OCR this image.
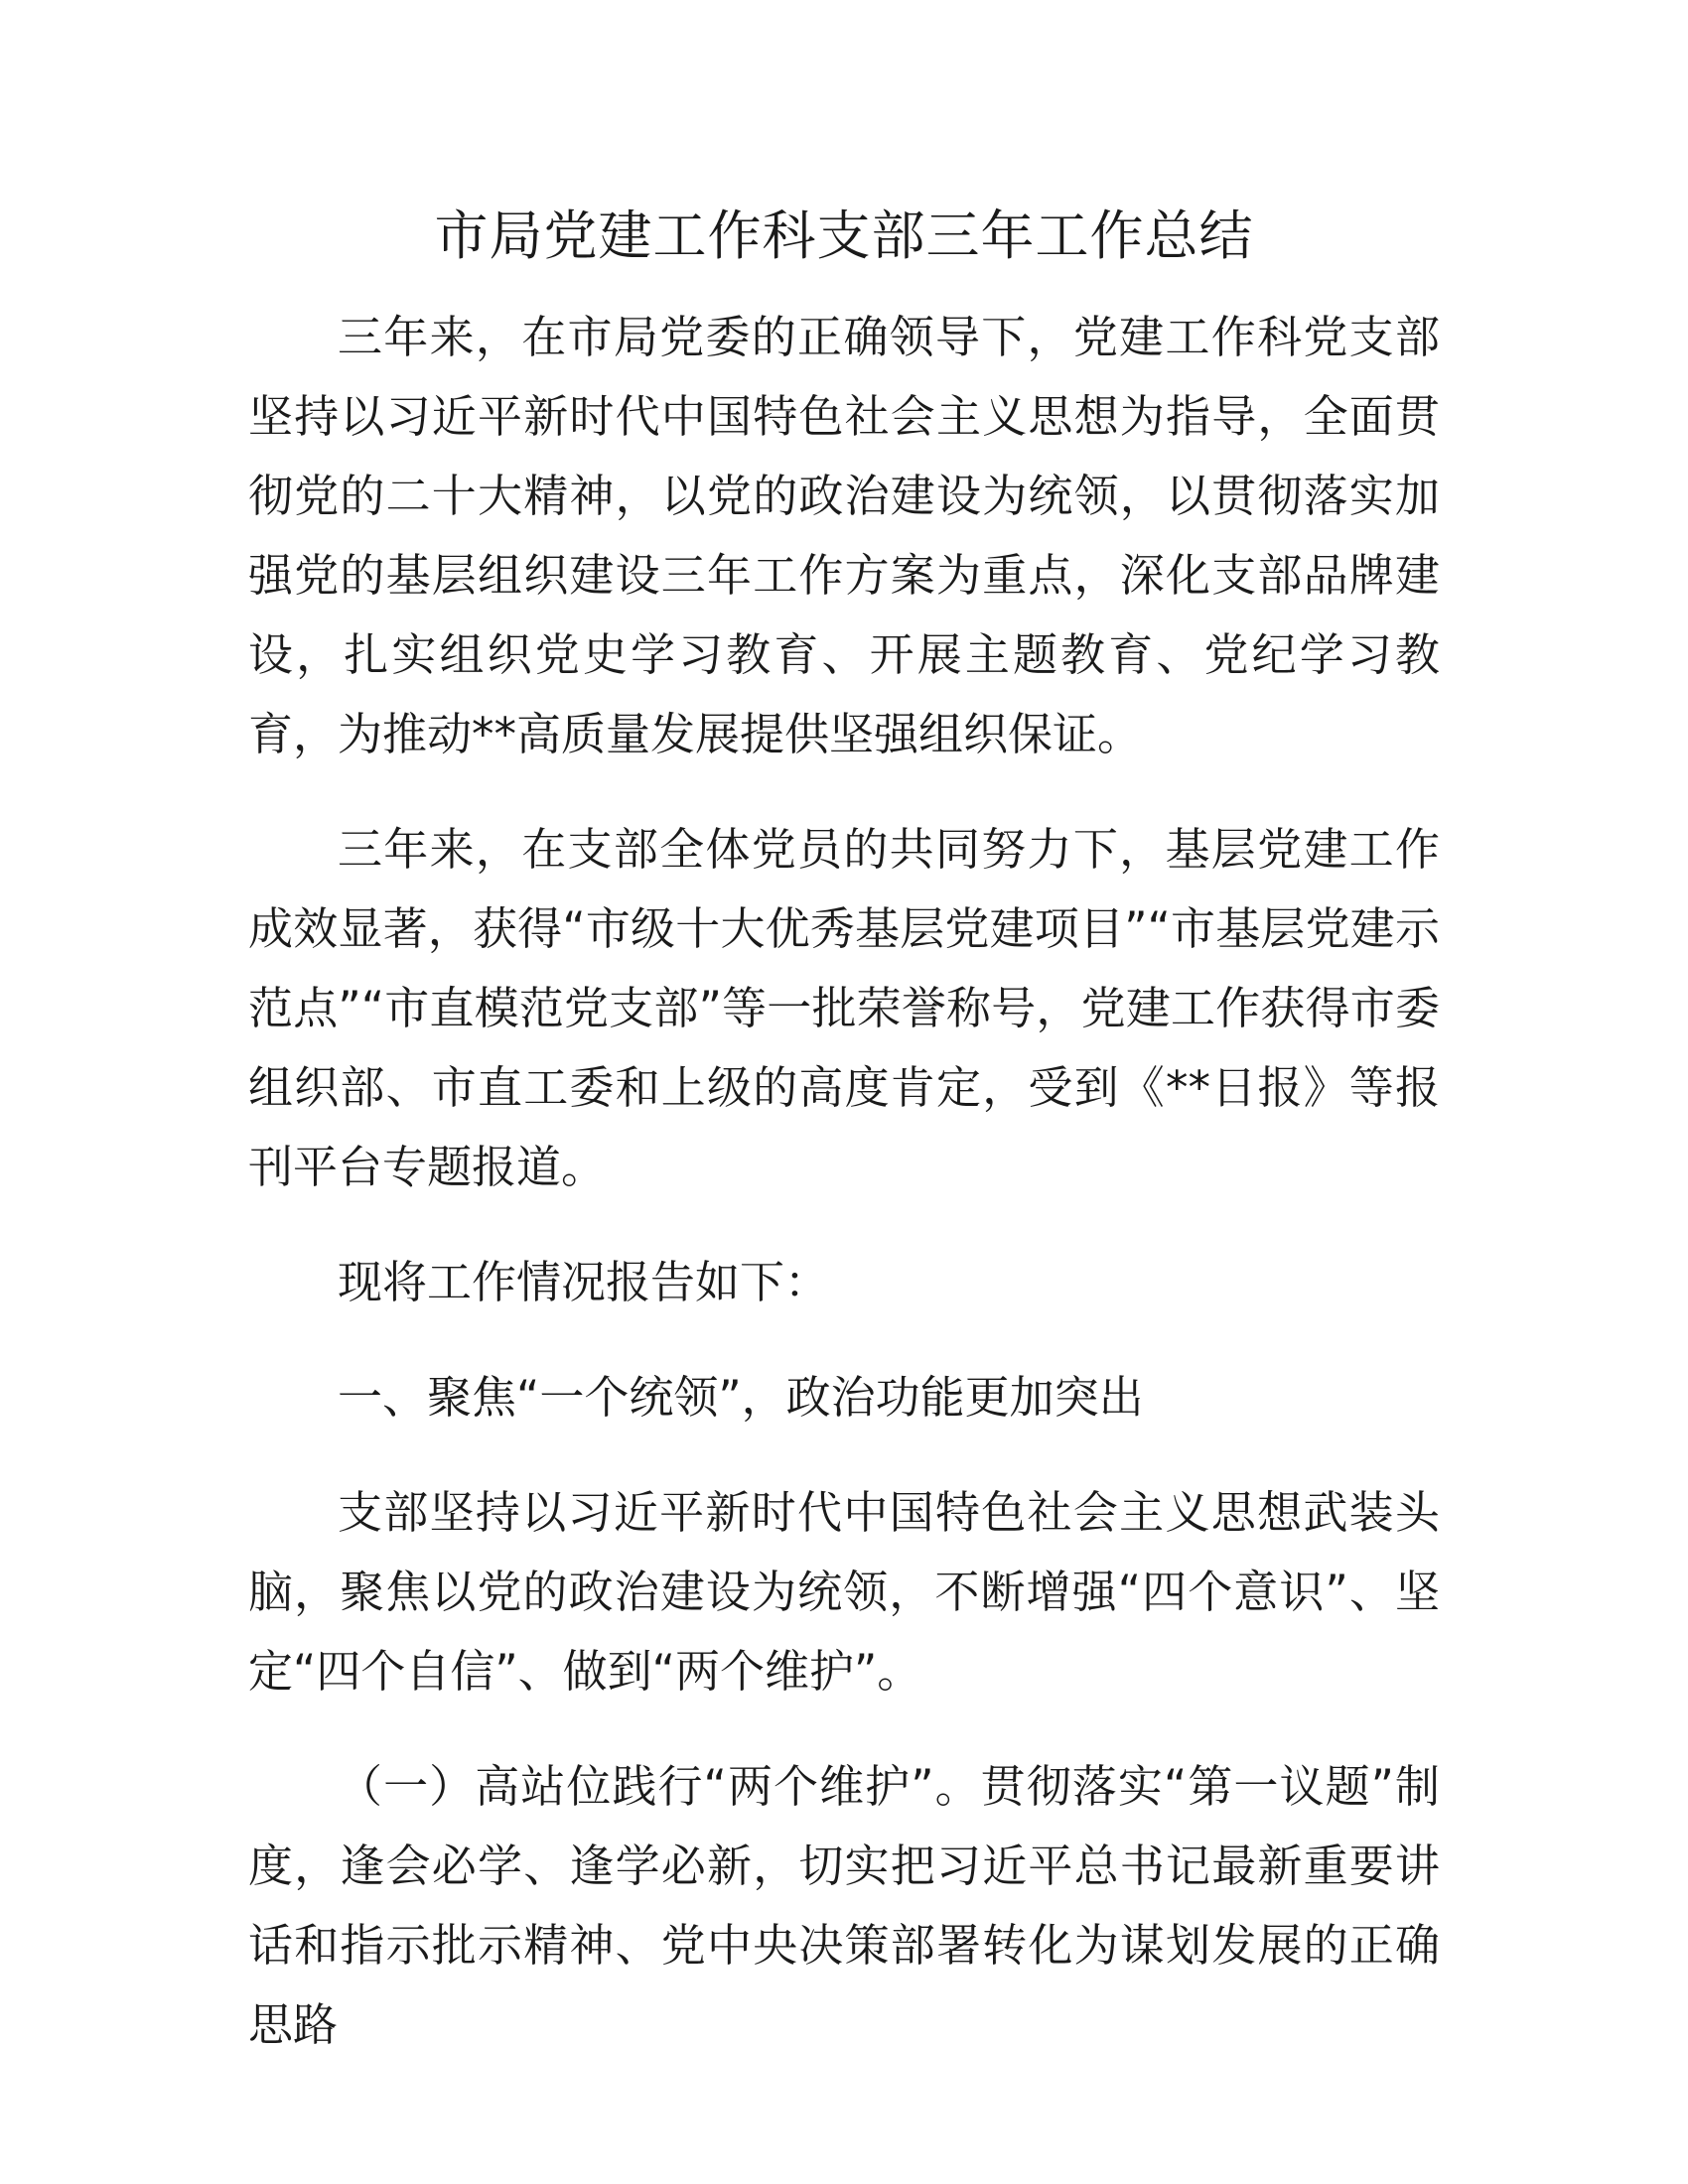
市局党建工作科支部三年工作总结

三年来，在市局党委的正确领导下，党建工作科党支部坚持以习近平新时代中国特色社会主义思想为指导，全面贯彻党的二十大精神，以党的政治建设为统领，以贯彻落实加强党的基层组织建设三年工作方案为重点，深化支部品牌建设，扎实组织党史学习教育、开展主题教育、党纪学习教育，为推动**高质量发展提供坚强组织保证。

三年来，在支部全体党员的共同努力下，基层党建工作成效显著，获得“市级十大优秀基层党建项目”“市基层党建示范点”“市直模范党支部”等一批荣誉称号，党建工作获得市委组织部、市直工委和上级的高度肯定，受到《**日报》等报刊平台专题报道。

现将工作情况报告如下：

一、聚焦“一个统领”，政治功能更加突出

支部坚持以习近平新时代中国特色社会主义思想武装头脑，聚焦以党的政治建设为统领，不断增强“四个意识”、坚定“四个自信”、做到“两个维护”。

（一）高站位践行“两个维护”。贯彻落实“第一议题”制度，逢会必学、逢学必新，切实把习近平总书记最新重要讲话和指示批示精神、党中央决策部署转化为谋划发展的正确思路
